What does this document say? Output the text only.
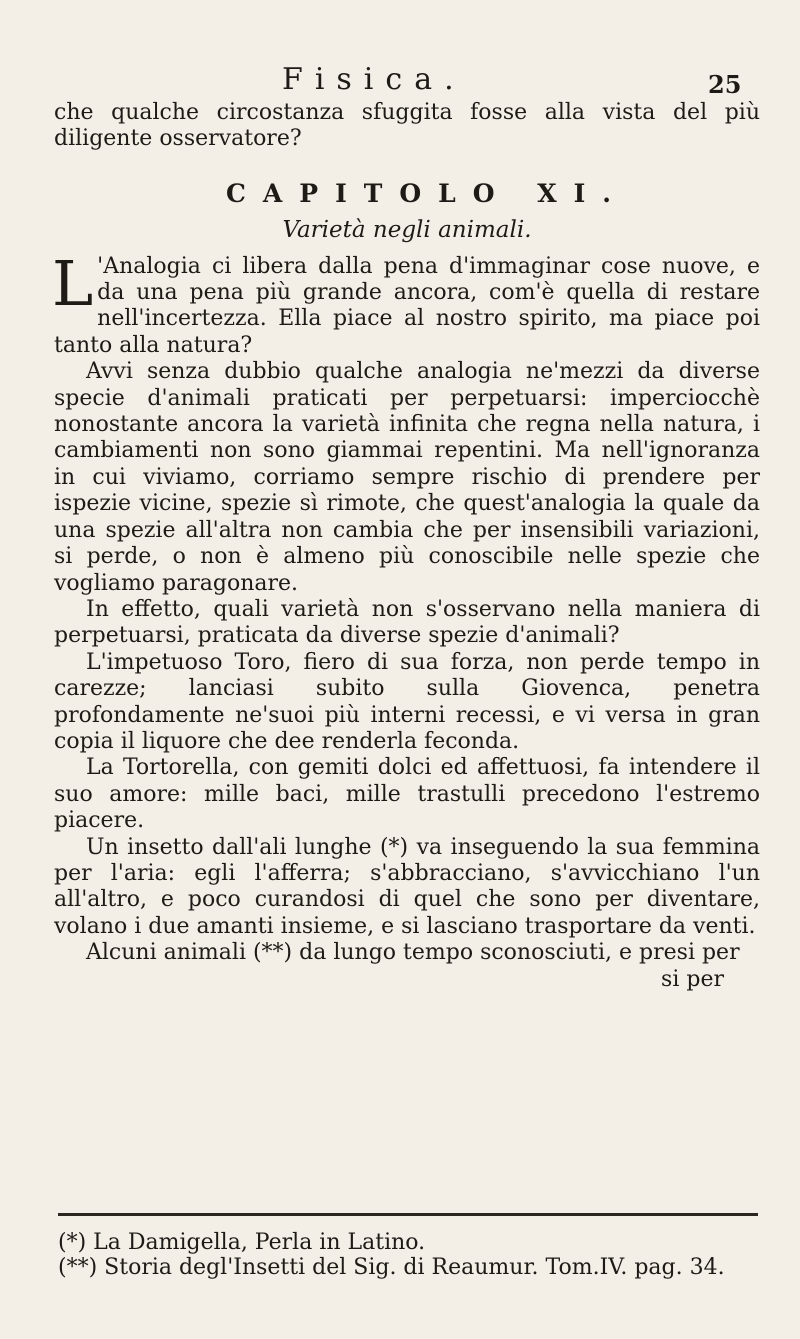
Fisica.	25

che qualche circostanza sfuggita fosse alla vista del più diligente osservatore?

CAPITOLO XI.
Varietà negli animali.

L 'Analogia ci libera dalla pena d'immaginar cose nuove, e da una pena più grande ancora, com'è quella di restare nell'incertezza. Ella piace al nostro spirito, ma piace poi tanto alla natura?

Avvi senza dubbio qualche analogia ne'mezzi da diverse specie d'animali praticati per perpetuarsi: imperciocchè nonostante ancora la varietà infinita che regna nella natura, i cambiamenti non sono giammai repentini. Ma nell'ignoranza in cui viviamo, corriamo sempre rischio di prendere per ispezie vicine, spezie sì rimote, che quest'analogia la quale da una spezie all'altra non cambia che per insensibili variazioni, si perde, o non è almeno più conoscibile nelle spezie che vogliamo paragonare.

In effetto, quali varietà non s'osservano nella maniera di perpetuarsi, praticata da diverse spezie d'animali?

L'impetuoso Toro, fiero di sua forza, non perde tempo in carezze; lanciasi subito sulla Giovenca, penetra profondamente ne'suoi più interni recessi, e vi versa in gran copia il liquore che dee renderla feconda.

La Tortorella, con gemiti dolci ed affettuosi, fa intendere il suo amore: mille baci, mille trastulli precedono l'estremo piacere.

Un insetto dall'ali lunghe (*) va inseguendo la sua femmina per l'aria: egli l'afferra; s'abbracciano, s'avvicchiano l'un all'altro, e poco curandosi di quel che sono per diventare, volano i due amanti insieme, e si lasciano trasportare da venti.

Alcuni animali (**) da lungo tempo sconosciuti, e presi per

si per
(*) La Damigella, Perla in Latino.
(**) Storia degl'Insetti del Sig. di Reaumur. Tom.IV. pag. 34.
